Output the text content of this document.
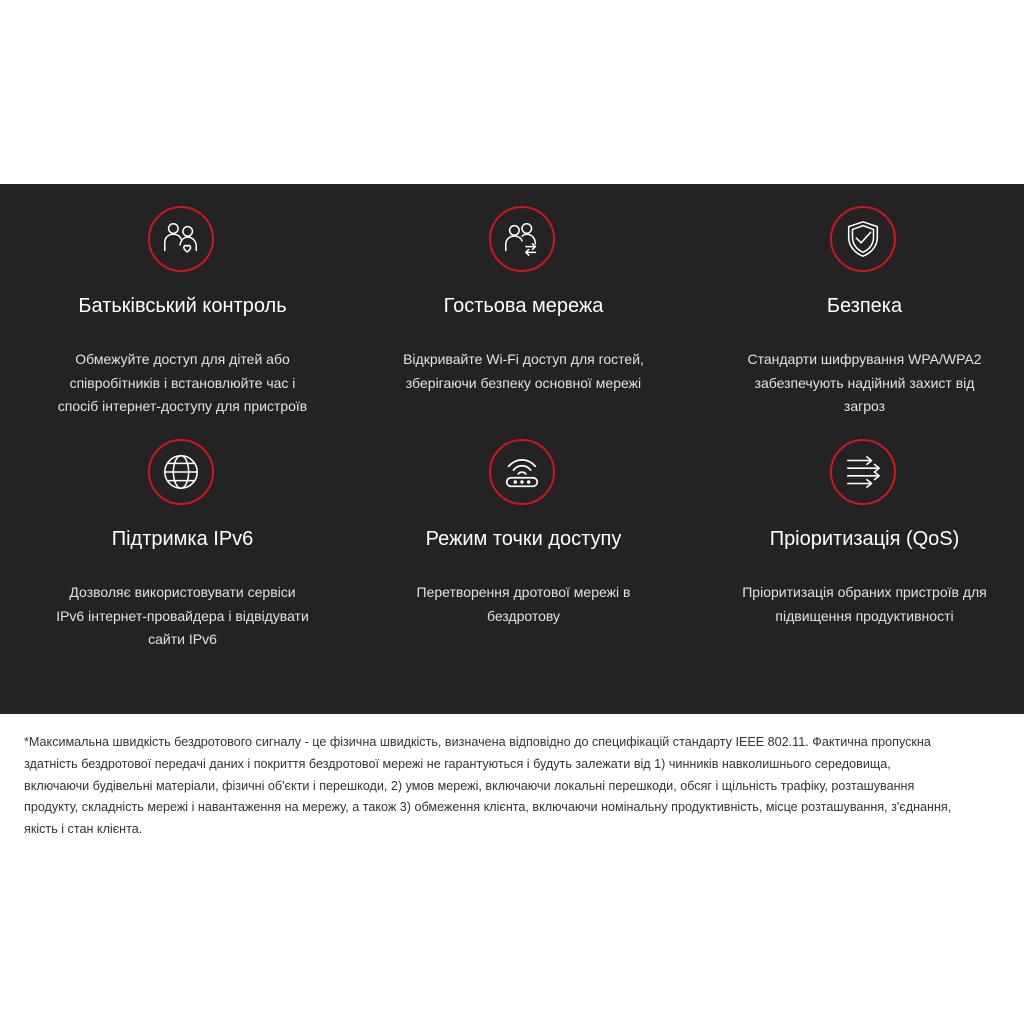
Батьківський контроль
Обмежуйте доступ для дітей або
співробітників і встановлюйте час і
спосіб інтернет-доступу для пристроїв
Гостьова мережа
Відкривайте Wi-Fi доступ для гостей,
зберігаючи безпеку основної мережі
Безпека
Стандарти шифрування WPA/WPA2
забезпечують надійний захист від
загроз
Підтримка IPv6
Дозволяє використовувати сервіси
IPv6 інтернет-провайдера і відвідувати
сайти IPv6
Режим точки доступу
Перетворення дротової мережі в
бездротову
Пріоритизація (QoS)
Пріоритизація обраних пристроїв для
підвищення продуктивності
*Максимальна швидкість бездротового сигналу - це фізична швидкість, визначена відповідно до специфікацій стандарту IEEE 802.11. Фактична пропускна
здатність бездротової передачі даних і покриття бездротової мережі не гарантуються і будуть залежати від 1) чинників навколишнього середовища,
включаючи будівельні матеріали, фізичні об'єкти і перешкоди, 2) умов мережі, включаючи локальні перешкоди, обсяг і щільність трафіку, розташування
продукту, складність мережі і навантаження на мережу, а також 3) обмеження клієнта, включаючи номінальну продуктивність, місце розташування, з'єднання,
якість і стан клієнта.
